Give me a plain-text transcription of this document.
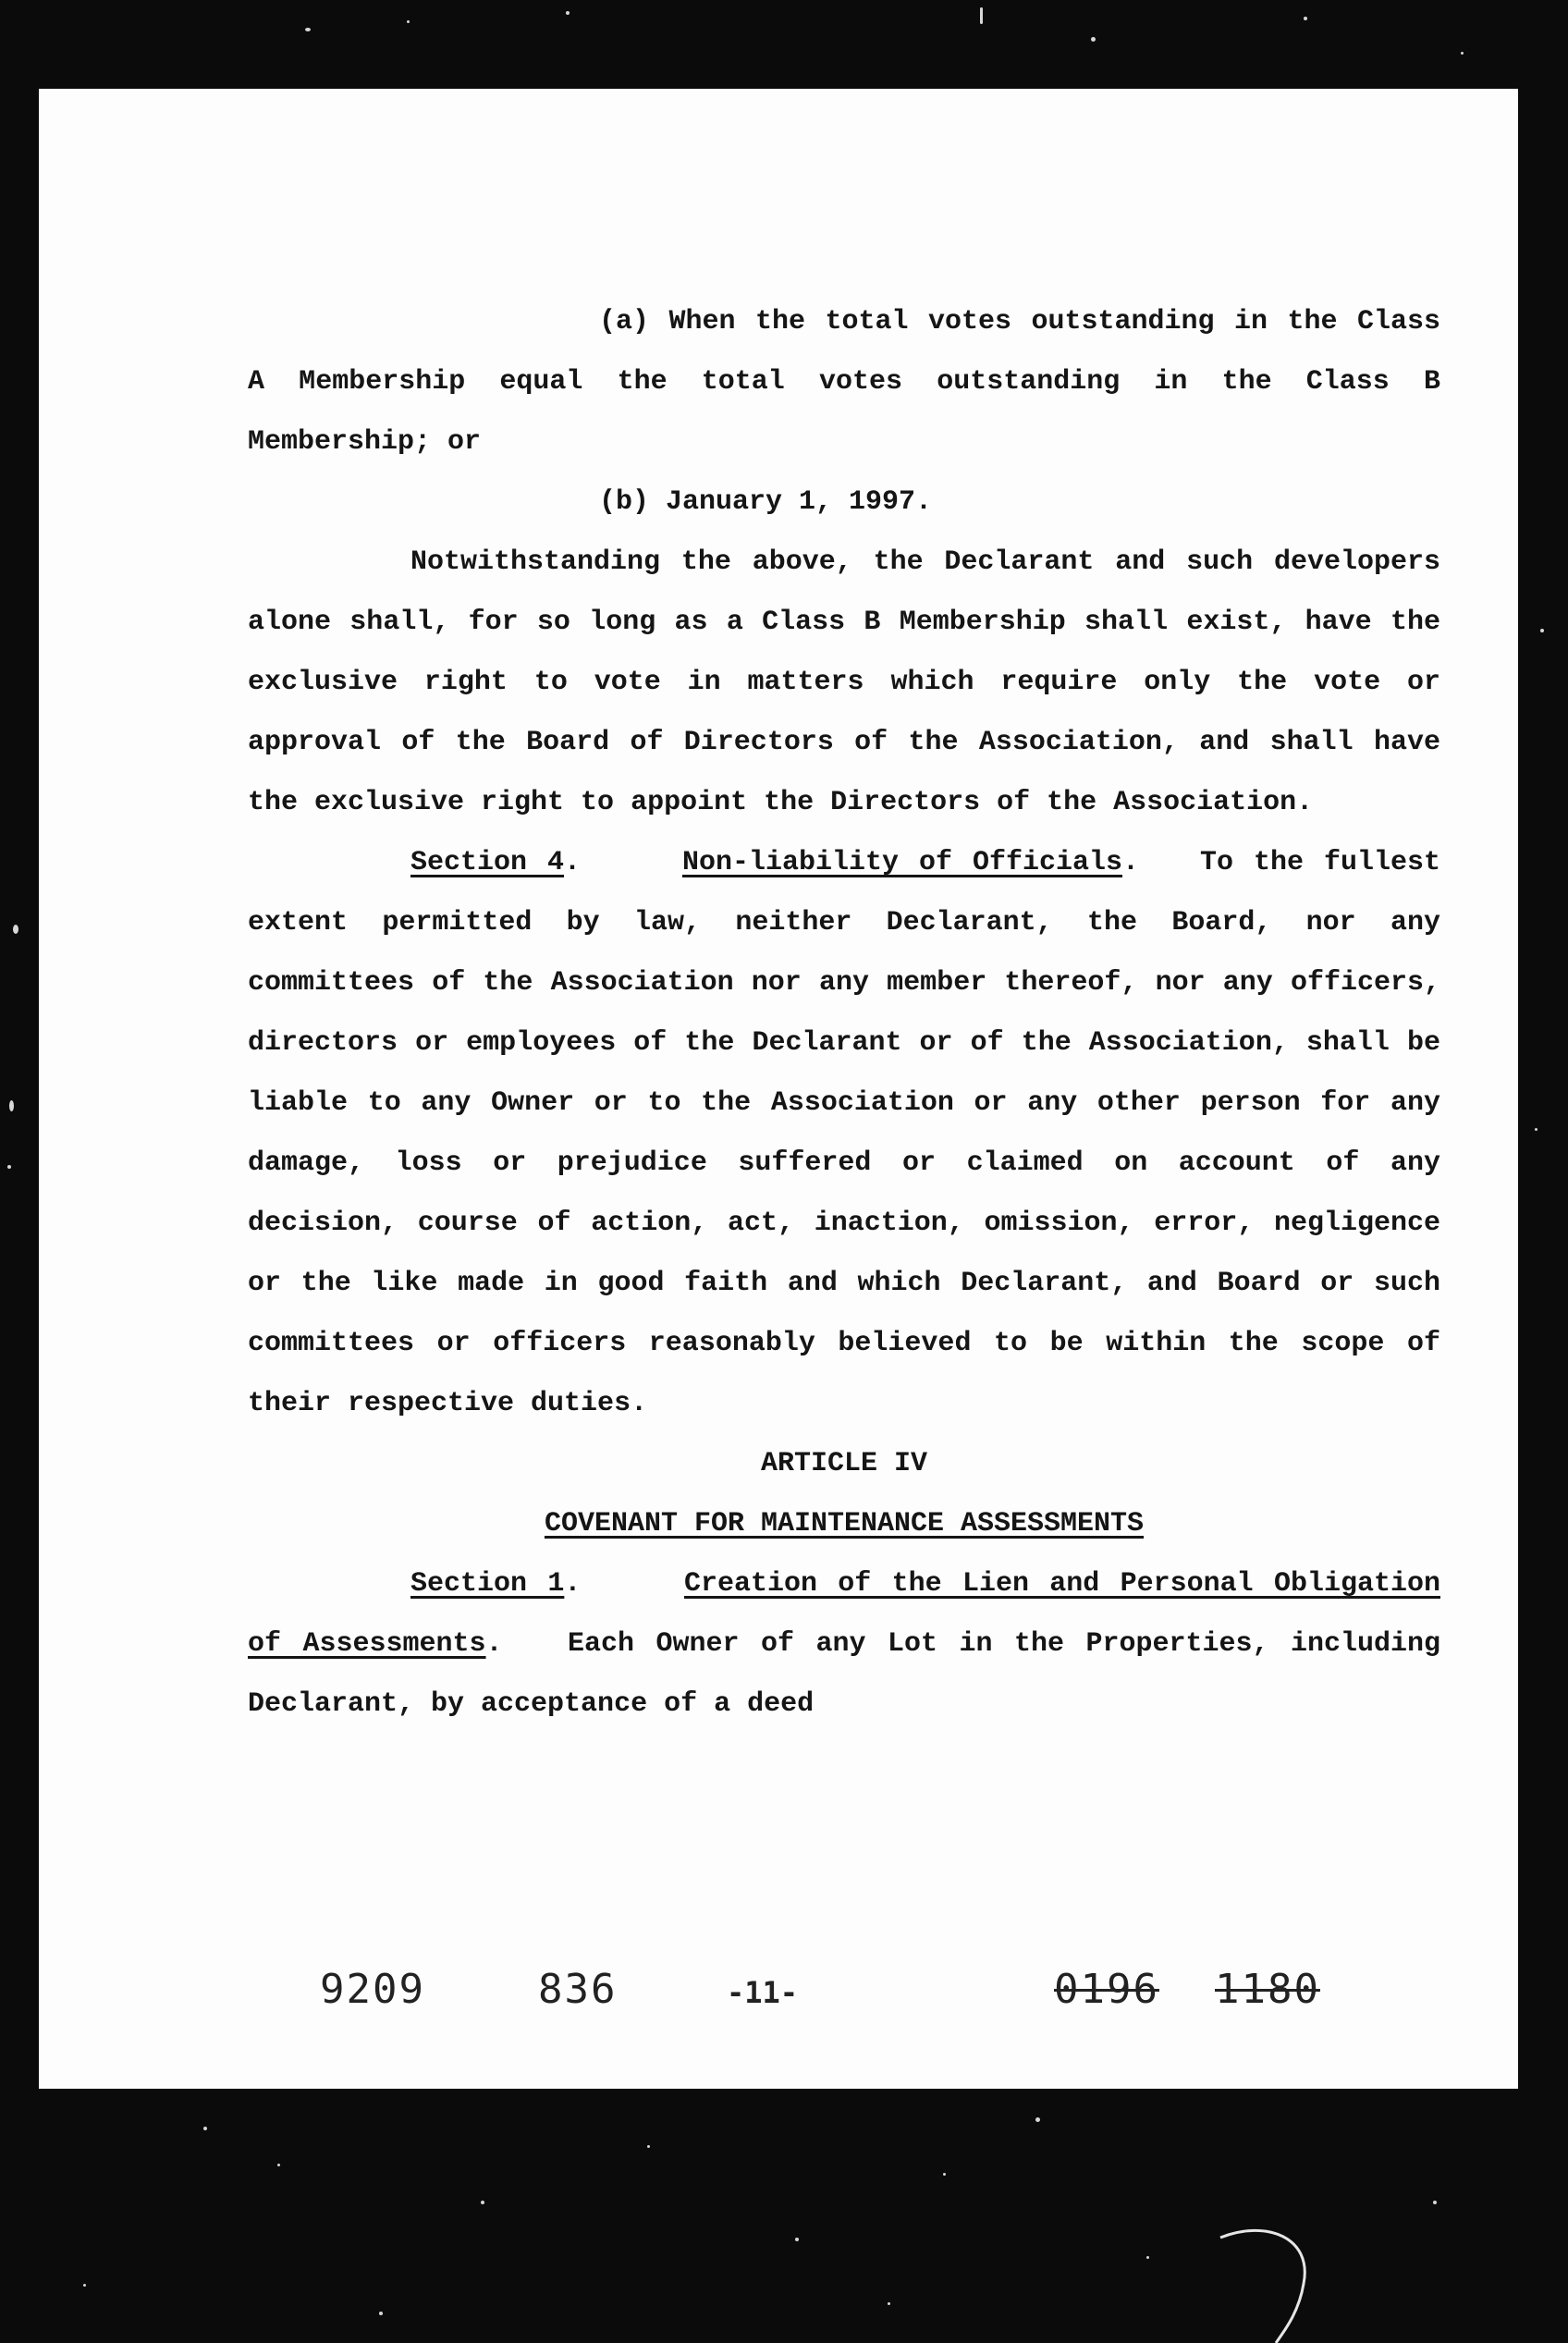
(a) When the total votes outstanding in the Class A Membership equal the total votes outstanding in the Class B Membership; or

(b) January 1, 1997.

Notwithstanding the above, the Declarant and such developers alone shall, for so long as a Class B Membership shall exist, have the exclusive right to vote in matters which require only the vote or approval of the Board of Directors of the Association, and shall have the exclusive right to appoint the Directors of the Association.

Section 4.     Non-liability of Officials.   To the fullest extent permitted by law, neither Declarant, the Board, nor any committees of the Association nor any member thereof, nor any officers, directors or employees of the Declarant or of the Association, shall be liable to any Owner or to the Association or any other person for any damage, loss or prejudice suffered or claimed on account of any decision, course of action, act, inaction, omission, error, negligence or the like made in good faith and which Declarant, and Board or such committees or officers reasonably believed to be within the scope of their respective duties.

ARTICLE IV

COVENANT FOR MAINTENANCE ASSESSMENTS

Section 1.     Creation of the Lien and Personal Obligation of Assessments.   Each Owner of any Lot in the Properties, including Declarant, by acceptance of a deed

9209	836	-11-	0196 1180
